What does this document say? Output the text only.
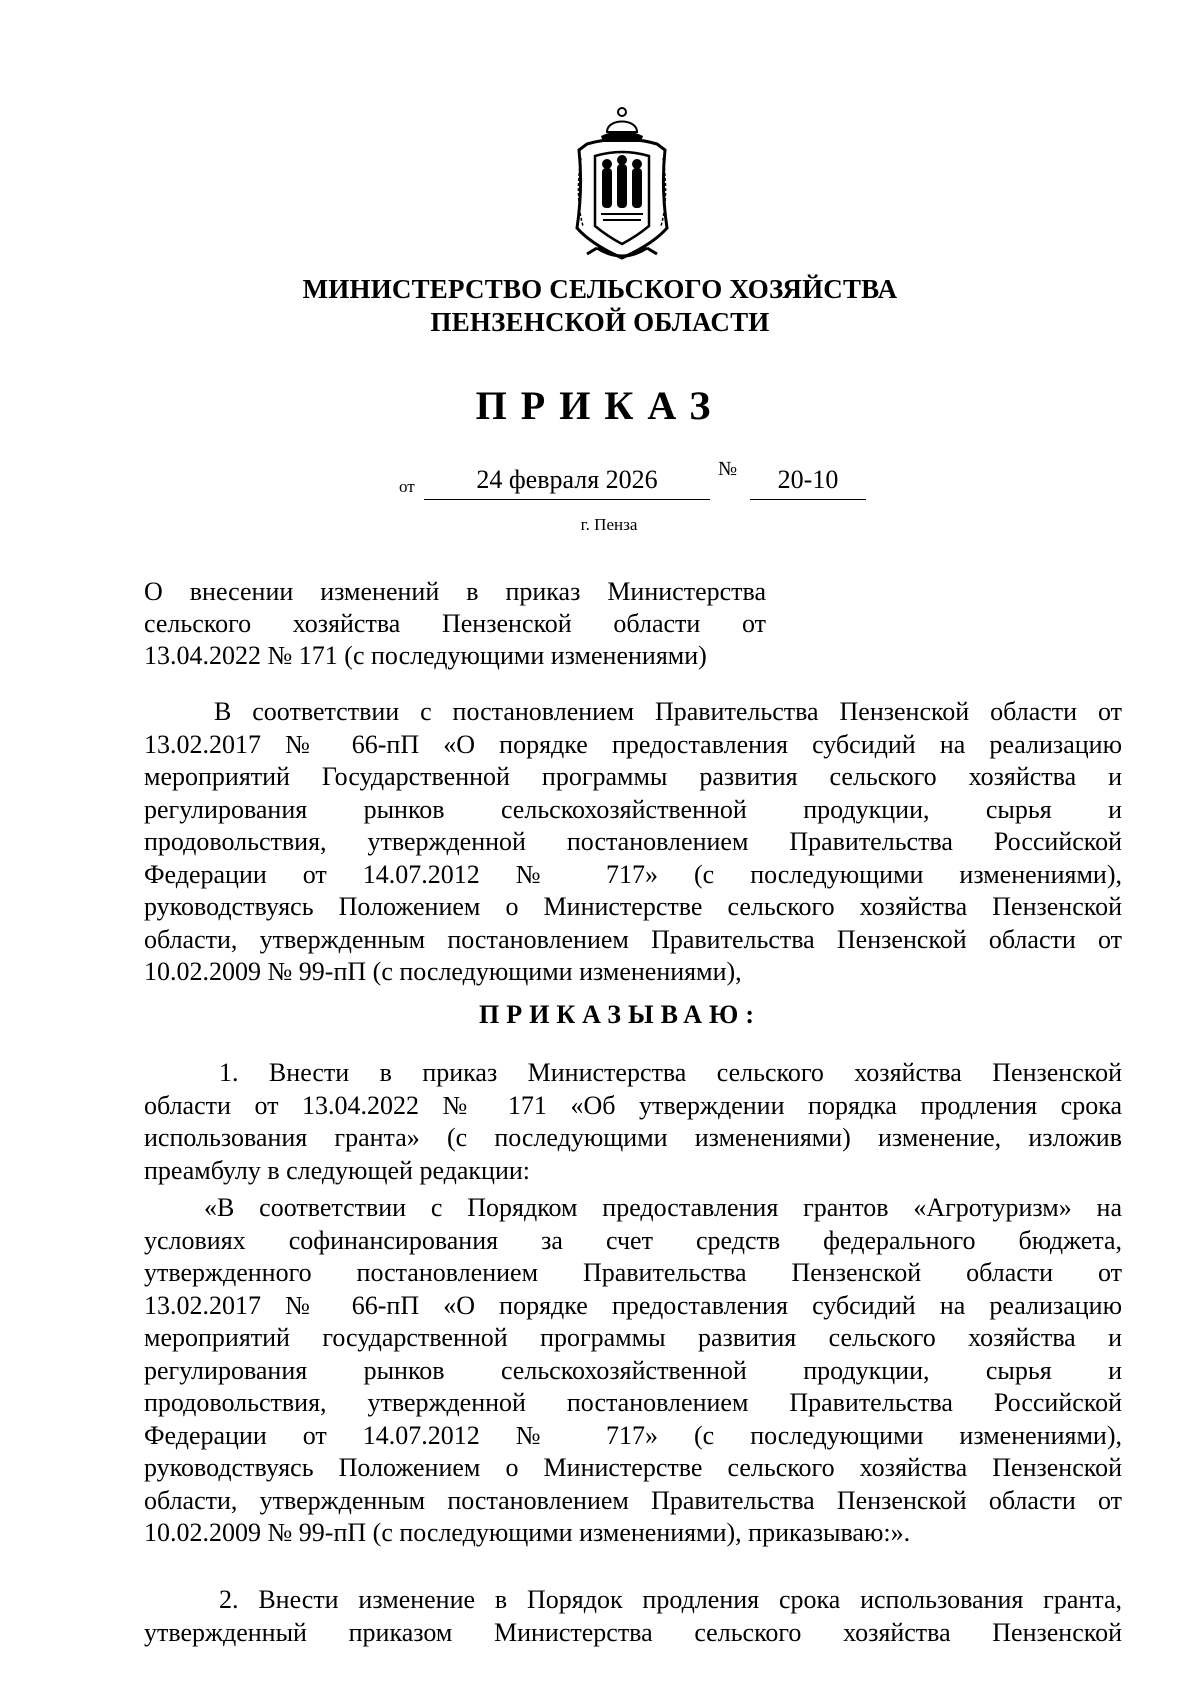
МИНИСТЕРСТВО СЕЛЬСКОГО ХОЗЯЙСТВА
ПЕНЗЕНСКОЙ ОБЛАСТИ
ПРИКАЗ
от	24 февраля 2026	№	20-10
г. Пенза
О внесении изменений в приказ Министерства
сельского хозяйства Пензенской области от
13.04.2022 № 171 (с последующими изменениями)
В соответствии с постановлением Правительства Пензенской области от
13.02.2017 № 66-пП «О порядке предоставления субсидий на реализацию
мероприятий Государственной программы развития сельского хозяйства и
регулирования рынков сельскохозяйственной продукции, сырья и
продовольствия, утвержденной постановлением Правительства Российской
Федерации от 14.07.2012 № 717» (с последующими изменениями),
руководствуясь Положением о Министерстве сельского хозяйства Пензенской
области, утвержденным постановлением Правительства Пензенской области от
10.02.2009 № 99-пП (с последующими изменениями),
ПРИКАЗЫВАЮ:
1. Внести в приказ Министерства сельского хозяйства Пензенской
области от 13.04.2022 № 171 «Об утверждении порядка продления срока
использования гранта» (с последующими изменениями) изменение, изложив
преамбулу в следующей редакции:
«В соответствии с Порядком предоставления грантов «Агротуризм» на
условиях софинансирования за счет средств федерального бюджета,
утвержденного постановлением Правительства Пензенской области от
13.02.2017 № 66-пП «О порядке предоставления субсидий на реализацию
мероприятий государственной программы развития сельского хозяйства и
регулирования рынков сельскохозяйственной продукции, сырья и
продовольствия, утвержденной постановлением Правительства Российской
Федерации от 14.07.2012 № 717» (с последующими изменениями),
руководствуясь Положением о Министерстве сельского хозяйства Пензенской
области, утвержденным постановлением Правительства Пензенской области от
10.02.2009 № 99-пП (с последующими изменениями), приказываю:».
2. Внести изменение в Порядок продления срока использования гранта,
утвержденный приказом Министерства сельского хозяйства Пензенской
